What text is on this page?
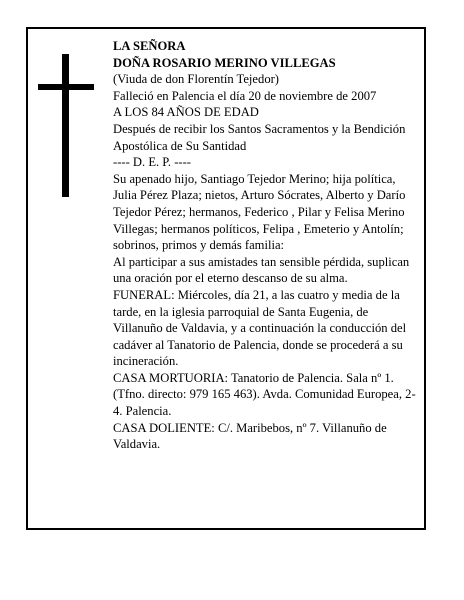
LA SEÑORA

DOÑA ROSARIO MERINO VILLEGAS

(Viuda de don Florentín Tejedor)

Falleció en Palencia el día 20 de noviembre de 2007

A LOS 84 AÑOS DE EDAD

Después de recibir los Santos Sacramentos y la Bendición Apostólica de Su Santidad

---- D. E. P. ----

Su apenado hijo, Santiago Tejedor Merino; hija política, Julia Pérez Plaza; nietos, Arturo Sócrates, Alberto y Darío Tejedor Pérez; hermanos, Federico , Pilar y Felisa Merino Villegas; hermanos políticos, Felipa , Emeterio y Antolín; sobrinos, primos y demás familia:

Al participar a sus amistades tan sensible pérdida, suplican una oración por el eterno descanso de su alma.

FUNERAL: Miércoles, día 21, a las cuatro y media de la tarde, en la iglesia parroquial de Santa Eugenia, de Villanuño de Valdavia, y a continuación la conducción del cadáver al Tanatorio de Palencia, donde se procederá a su incineración.

CASA MORTUORIA: Tanatorio de Palencia. Sala nº 1. (Tfno. directo: 979 165 463). Avda. Comunidad Europea, 2-4. Palencia.

CASA DOLIENTE: C/. Maribebos, nº 7. Villanuño de Valdavia.
